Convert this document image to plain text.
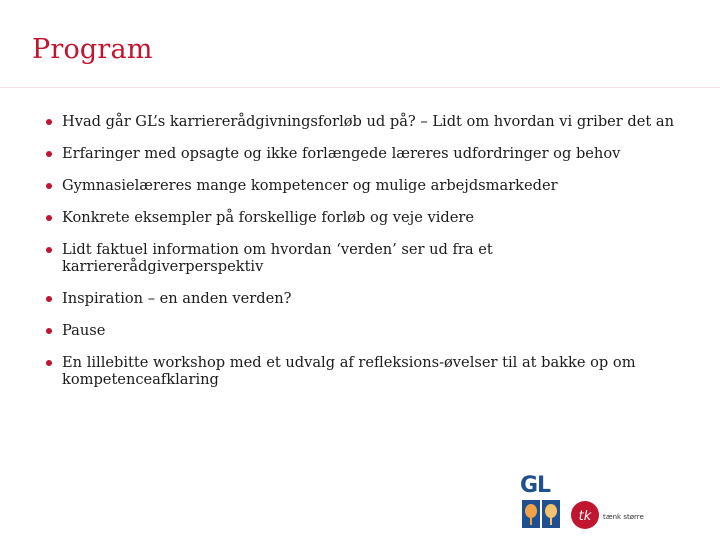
Program
Hvad går GL’s karriererådgivningsforløb ud på? – Lidt om hvordan vi griber det an
Erfaringer med opsagte og ikke forlængede læreres udfordringer og behov
Gymnasielæreres mange kompetencer og mulige arbejdsmarkeder
Konkrete eksempler på forskellige forløb og veje videre
Lidt faktuel information om hvordan ‘verden’ ser ud fra et karriererådgiverperspektiv
Inspiration – en anden verden?
Pause
En lillebitte workshop med et udvalg af refleksions-øvelser til at bakke op om kompetenceafklaring
GL
tk tænk større
